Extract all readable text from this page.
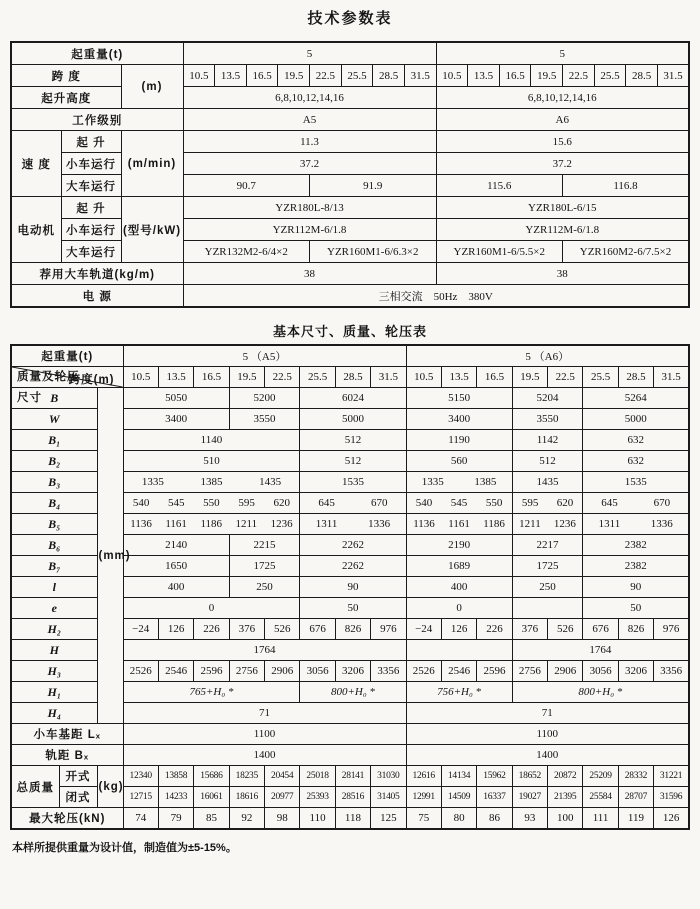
技术参数表
起重量(t)			5								5							
跨 度		(m)	10.5	13.5	16.5	19.5	22.5	25.5	28.5	31.5	10.5	13.5	16.5	19.5	22.5	25.5	28.5	31.5
起升高度			6,8,10,12,14,16								6,8,10,12,14,16							
工作级别			A5								A6							
速 度	起 升	(m/min)	11.3								15.6							
	小车运行		37.2								37.2							
	大车运行		90.7				91.9				115.6				116.8			
电动机	起 升	(型号/kW)	YZR180L-8/13								YZR180L-6/15							
	小车运行		YZR112M-6/1.8								YZR112M-6/1.8							
	大车运行		YZR132M2-6/4×2				YZR160M1-6/6.3×2				YZR160M1-6/5.5×2				YZR160M2-6/7.5×2			
荐用大车轨道(kg/m)			38								38							
电 源			三相交流　50Hz　380V															
基本尺寸、质量、轮压表
起重量(t)			5 （A5）								5 （A6）							

跨度(m)
尺寸
质量及轮压			10.5	13.5	16.5	19.5	22.5	25.5	28.5	31.5	10.5	13.5	16.5	19.5	22.5	25.5	28.5	31.5
B		(mm)	5050			5200		6024			5150			5204		5264		
W			3400			3550		5000			3400			3550		5000		
B₁			1140					512			1190			1142		632		
B₂			510					512			560			512		632		
B₃			1335 1385 1435					1535			1335 1385			1435		1535		
B₄			540 545 550 595 620					645 670			540 545 550			595 620		645 670		

B₅			1136 1161 1186 1211 1236					1311 1336			1136 1161 1186			1211 1236		1311 1336		

B₆			2140			2215		2262			2190			2217		2382		
B₇			1650			1725		2262			1689			1725		2382		
l			400			250		90			400			250		90		
e			0					50			0					50		
H₂			−24	126	226	376	526	676	826	976	−24	126	226	376	526	676	826	976
H			1764											1764				
H₃			2526	2546	2596	2756	2906	3056	3206	3356	2526	2546	2596	2756	2906	3056	3206	3356
H₁			765+H₀ *					800+H₀ *			756+H₀ *			800+H₀ *				
H₄			71								71							
小车基距 Lₓ			1100								1100							
轨距 Bₓ			1400								1400							
总质量	开式	(kg)	12340	13858	15686	18235	20454	25018	28141	31030	12616	14134	15962	18652	20872	25209	28332	31221
	闭式		12715	14233	16061	18616	20977	25393	28516	31405	12991	14509	16337	19027	21395	25584	28707	31596
最大轮压(kN)			74	79	85	92	98	110	118	125	75	80	86	93	100	111	119	126
本样所提供重量为设计值，制造值为±5-15%。
